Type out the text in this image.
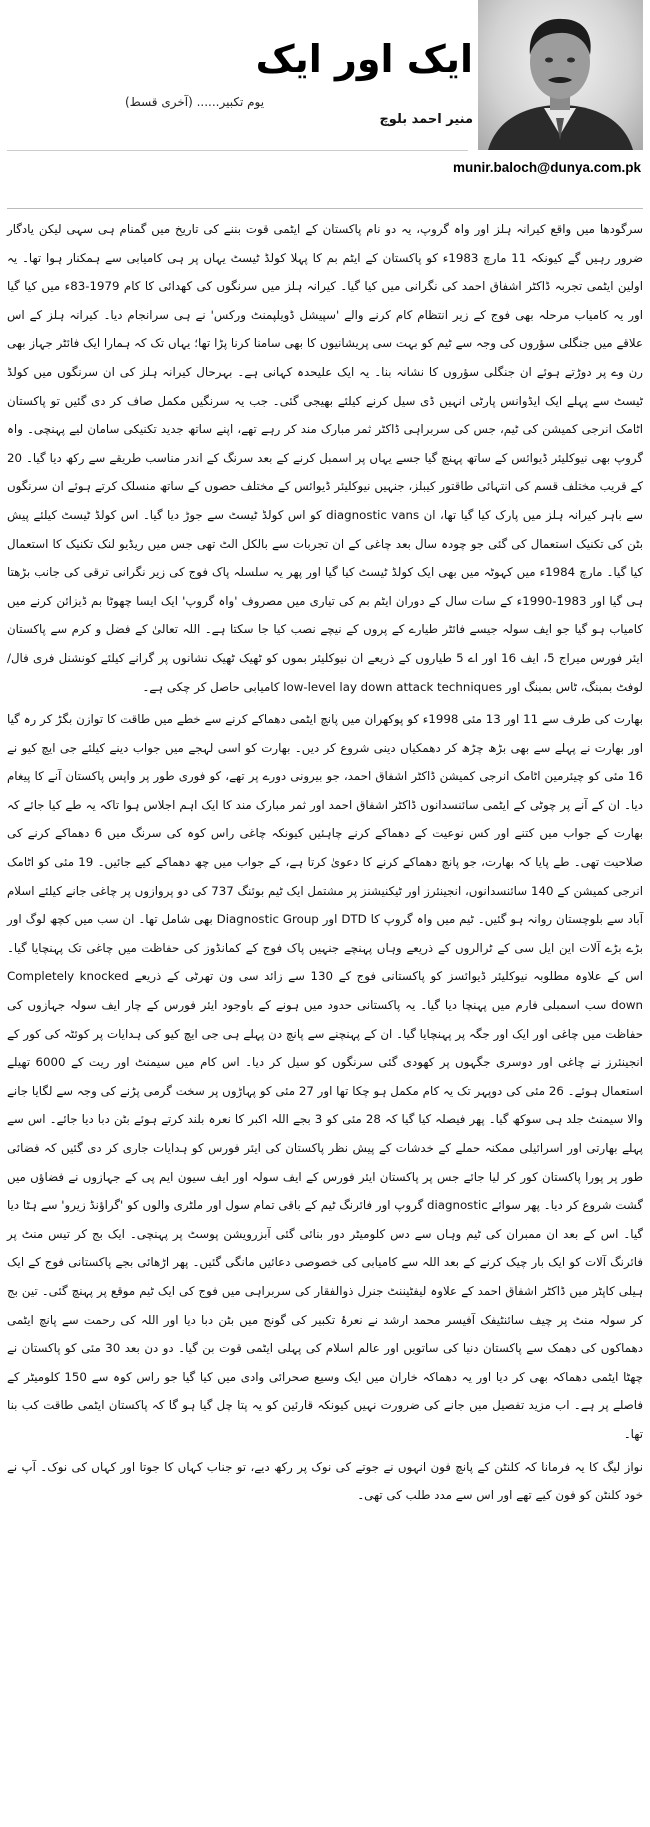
ایک اور ایک
منیر احمد بلوچ
یوم تکبیر...... (آخری قسط)
munir.baloch@dunya.com.pk

سرگودھا میں واقع کیرانہ ہلز اور واہ گروپ، یہ دو نام پاکستان کے ایٹمی قوت بننے کی تاریخ میں گمنام ہی سہی لیکن یادگار ضرور رہیں گے کیونکہ 11 مارچ 1983ء کو پاکستان کے ایٹم بم کا پہلا کولڈ ٹیسٹ یہاں پر ہی کامیابی سے ہمکنار ہوا تھا۔ یہ اولین ایٹمی تجربہ ڈاکٹر اشفاق احمد کی نگرانی میں کیا گیا۔ کیرانہ ہلز میں سرنگوں کی کھدائی کا کام 1979-83ء میں کیا گیا اور یہ کامیاب مرحلہ بھی فوج کے زیر انتظام کام کرنے والے 'سپیشل ڈویلپمنٹ ورکس' نے ہی سرانجام دیا۔ کیرانہ ہلز کے اس علاقے میں جنگلی سؤروں کی وجہ سے ٹیم کو بہت سی پریشانیوں کا بھی سامنا کرنا پڑا تھا؛ یہاں تک کہ ہمارا ایک فائٹر جہاز بھی رن وے پر دوڑتے ہوئے ان جنگلی سؤروں کا نشانہ بنا۔ یہ ایک علیحدہ کہانی ہے۔ بہرحال کیرانہ ہلز کی ان سرنگوں میں کولڈ ٹیسٹ سے پہلے ایک ایڈوانس پارٹی انہیں ڈی سیل کرنے کیلئے بھیجی گئی۔ جب یہ سرنگیں مکمل صاف کر دی گئیں تو پاکستان اٹامک انرجی کمیشن کی ٹیم، جس کی سربراہی ڈاکٹر ثمر مبارک مند کر رہے تھے، اپنے ساتھ جدید تکنیکی سامان لیے پہنچی۔ واہ گروپ بھی نیوکلیئر ڈیوائس کے ساتھ پہنچ گیا جسے یہاں پر اسمبل کرنے کے بعد سرنگ کے اندر مناسب طریقے سے رکھ دیا گیا۔ 20 کے قریب مختلف قسم کی انتہائی طاقتور کیبلز، جنہیں نیوکلیئر ڈیوائس کے مختلف حصوں کے ساتھ منسلک کرتے ہوئے ان سرنگوں سے باہر کیرانہ ہلز میں پارک کیا گیا تھا، ان diagnostic vans کو اس کولڈ ٹیسٹ سے جوڑ دیا گیا۔ اس کولڈ ٹیسٹ کیلئے پیش بٹن کی تکنیک استعمال کی گئی جو چودہ سال بعد چاغی کے ان تجربات سے بالکل الٹ تھی جس میں ریڈیو لنک تکنیک کا استعمال کیا گیا۔ مارچ 1984ء میں کہوٹہ میں بھی ایک کولڈ ٹیسٹ کیا گیا اور پھر یہ سلسلہ پاک فوج کی زیر نگرانی ترقی کی جانب بڑھتا ہی گیا اور 1983-1990ء کے سات سال کے دوران ایٹم بم کی تیاری میں مصروف 'واہ گروپ' ایک ایسا چھوٹا بم ڈیزائن کرنے میں کامیاب ہو گیا جو ایف سولہ جیسے فائٹر طیارے کے پروں کے نیچے نصب کیا جا سکتا ہے۔ اللہ تعالیٰ کے فضل و کرم سے پاکستان ایئر فورس میراج 5، ایف 16 اور اے 5 طیاروں کے ذریعے ان نیوکلیئر بموں کو ٹھیک ٹھیک نشانوں پر گرانے کیلئے کونشنل فری فال/لوفٹ بمبنگ، ٹاس بمبنگ اور low-level lay down attack techniques کامیابی حاصل کر چکی ہے۔

بھارت کی طرف سے 11 اور 13 مئی 1998ء کو پوکھران میں پانچ ایٹمی دھماکے کرنے سے خطے میں طاقت کا توازن بگڑ کر رہ گیا اور بھارت نے پہلے سے بھی بڑھ چڑھ کر دھمکیاں دینی شروع کر دیں۔ بھارت کو اسی لہجے میں جواب دینے کیلئے جی ایچ کیو نے 16 مئی کو چیئرمین اٹامک انرجی کمیشن ڈاکٹر اشفاق احمد، جو بیرونی دورے پر تھے، کو فوری طور پر واپس پاکستان آنے کا پیغام دیا۔ ان کے آنے پر چوٹی کے ایٹمی سائنسدانوں ڈاکٹر اشفاق احمد اور ثمر مبارک مند کا ایک اہم اجلاس ہوا تاکہ یہ طے کیا جائے کہ بھارت کے جواب میں کتنے اور کس نوعیت کے دھماکے کرنے چاہئیں کیونکہ چاغی راس کوہ کی سرنگ میں 6 دھماکے کرنے کی صلاحیت تھی۔ طے پایا کہ بھارت، جو پانچ دھماکے کرنے کا دعویٰ کرتا ہے، کے جواب میں چھ دھماکے کیے جائیں۔ 19 مئی کو اٹامک انرجی کمیشن کے 140 سائنسدانوں، انجینئرز اور ٹیکنیشنز پر مشتمل ایک ٹیم بوئنگ 737 کی دو پروازوں پر چاغی جانے کیلئے اسلام آباد سے بلوچستان روانہ ہو گئیں۔ ٹیم میں واہ گروپ کا DTD اور Diagnostic Group بھی شامل تھا۔ ان سب میں کچھ لوگ اور بڑے بڑے آلات این ایل سی کے ٹرالروں کے ذریعے وہاں پہنچے جنہیں پاک فوج کے کمانڈوز کی حفاظت میں چاغی تک پہنچایا گیا۔ اس کے علاوہ مطلوبہ نیوکلیئر ڈیوائسز کو پاکستانی فوج کے 130 سے زائد سی ون تھرٹی کے ذریعے Completely knocked down سب اسمبلی فارم میں پہنچا دیا گیا۔ یہ پاکستانی حدود میں ہونے کے باوجود ایئر فورس کے چار ایف سولہ جہازوں کی حفاظت میں چاغی اور ایک اور جگہ پر پہنچایا گیا۔ ان کے پہنچنے سے پانچ دن پہلے ہی جی ایچ کیو کی ہدایات پر کوئٹہ کی کور کے انجینئرز نے چاغی اور دوسری جگہوں پر کھودی گئی سرنگوں کو سیل کر دیا۔ اس کام میں سیمنٹ اور ریت کے 6000 تھیلے استعمال ہوئے۔ 26 مئی کی دوپہر تک یہ کام مکمل ہو چکا تھا اور 27 مئی کو پہاڑوں پر سخت گرمی پڑنے کی وجہ سے لگایا جانے والا سیمنٹ جلد ہی سوکھ گیا۔ پھر فیصلہ کیا گیا کہ 28 مئی کو 3 بجے اللہ اکبر کا نعرہ بلند کرتے ہوئے بٹن دبا دیا جائے۔ اس سے پہلے بھارتی اور اسرائیلی ممکنہ حملے کے خدشات کے پیش نظر پاکستان کی ایئر فورس کو ہدایات جاری کر دی گئیں کہ فضائی طور پر پورا پاکستان کور کر لیا جائے جس پر پاکستان ایئر فورس کے ایف سولہ اور ایف سیون ایم پی کے جہازوں نے فضاؤں میں گشت شروع کر دیا۔ پھر سوائے diagnostic گروپ اور فائرنگ ٹیم کے باقی تمام سول اور ملٹری والوں کو 'گراؤنڈ زیرو' سے ہٹا دیا گیا۔ اس کے بعد ان ممبران کی ٹیم وہاں سے دس کلومیٹر دور بنائی گئی آبزرویشن پوسٹ پر پہنچی۔ ایک بج کر تیس منٹ پر فائرنگ آلات کو ایک بار چیک کرنے کے بعد اللہ سے کامیابی کی خصوصی دعائیں مانگی گئیں۔ پھر اڑھائی بجے پاکستانی فوج کے ایک ہیلی کاپٹر میں ڈاکٹر اشفاق احمد کے علاوہ لیفٹیننٹ جنرل ذوالفقار کی سربراہی میں فوج کی ایک ٹیم موقع پر پہنچ گئی۔ تین بج کر سولہ منٹ پر چیف سائنٹیفک آفیسر محمد ارشد نے نعرۂ تکبیر کی گونج میں بٹن دبا دیا اور اللہ کی رحمت سے پانچ ایٹمی دھماکوں کی دھمک سے پاکستان دنیا کی ساتویں اور عالم اسلام کی پہلی ایٹمی قوت بن گیا۔ دو دن بعد 30 مئی کو پاکستان نے چھٹا ایٹمی دھماکہ بھی کر دیا اور یہ دھماکہ خاران میں ایک وسیع صحرائی وادی میں کیا گیا جو راس کوہ سے 150 کلومیٹر کے فاصلے پر ہے۔ اب مزید تفصیل میں جانے کی ضرورت نہیں کیونکہ قارئین کو یہ پتا چل گیا ہو گا کہ پاکستان ایٹمی طاقت کب بنا تھا۔

نواز لیگ کا یہ فرمانا کہ کلنٹن کے پانچ فون انہوں نے جوتے کی نوک پر رکھ دیے، تو جناب کہاں کا جوتا اور کہاں کی نوک۔ آپ نے خود کلنٹن کو فون کیے تھے اور اس سے مدد طلب کی تھی۔
